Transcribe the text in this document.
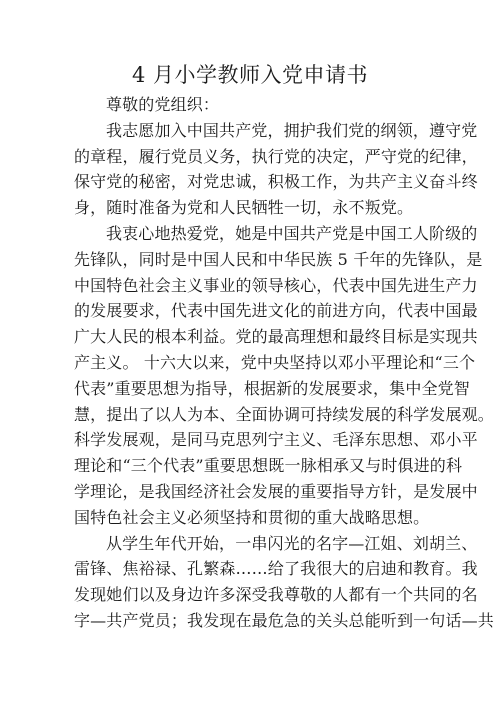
4 月小学教师入党申请书
尊敬的党组织：
我志愿加入中国共产党，拥护我们党的纲领，遵守党
的章程，履行党员义务，执行党的决定，严守党的纪律，
保守党的秘密，对党忠诚，积极工作，为共产主义奋斗终
身，随时准备为党和人民牺牲一切，永不叛党。
我衷心地热爱党，她是中国共产党是中国工人阶级的
先锋队，同时是中国人民和中华民族 5 千年的先锋队，是
中国特色社会主义事业的领导核心，代表中国先进生产力
的发展要求，代表中国先进文化的前进方向，代表中国最
广大人民的根本利益。党的最高理想和最终目标是实现共
产主义。 十六大以来，党中央坚持以邓小平理论和“三个
代表”重要思想为指导，根据新的发展要求，集中全党智
慧，提出了以人为本、全面协调可持续发展的科学发展观。
科学发展观，是同马克思列宁主义、毛泽东思想、邓小平
理论和“三个代表”重要思想既一脉相承又与时俱进的科
学理论，是我国经济社会发展的重要指导方针，是发展中
国特色社会主义必须坚持和贯彻的重大战略思想。
从学生年代开始，一串闪光的名字—江姐、刘胡兰、
雷锋、焦裕禄、孔繁森……给了我很大的启迪和教育。我
发现她们以及身边许多深受我尊敬的人都有一个共同的名
字—共产党员；我发现在最危急的关头总能听到一句话—共
